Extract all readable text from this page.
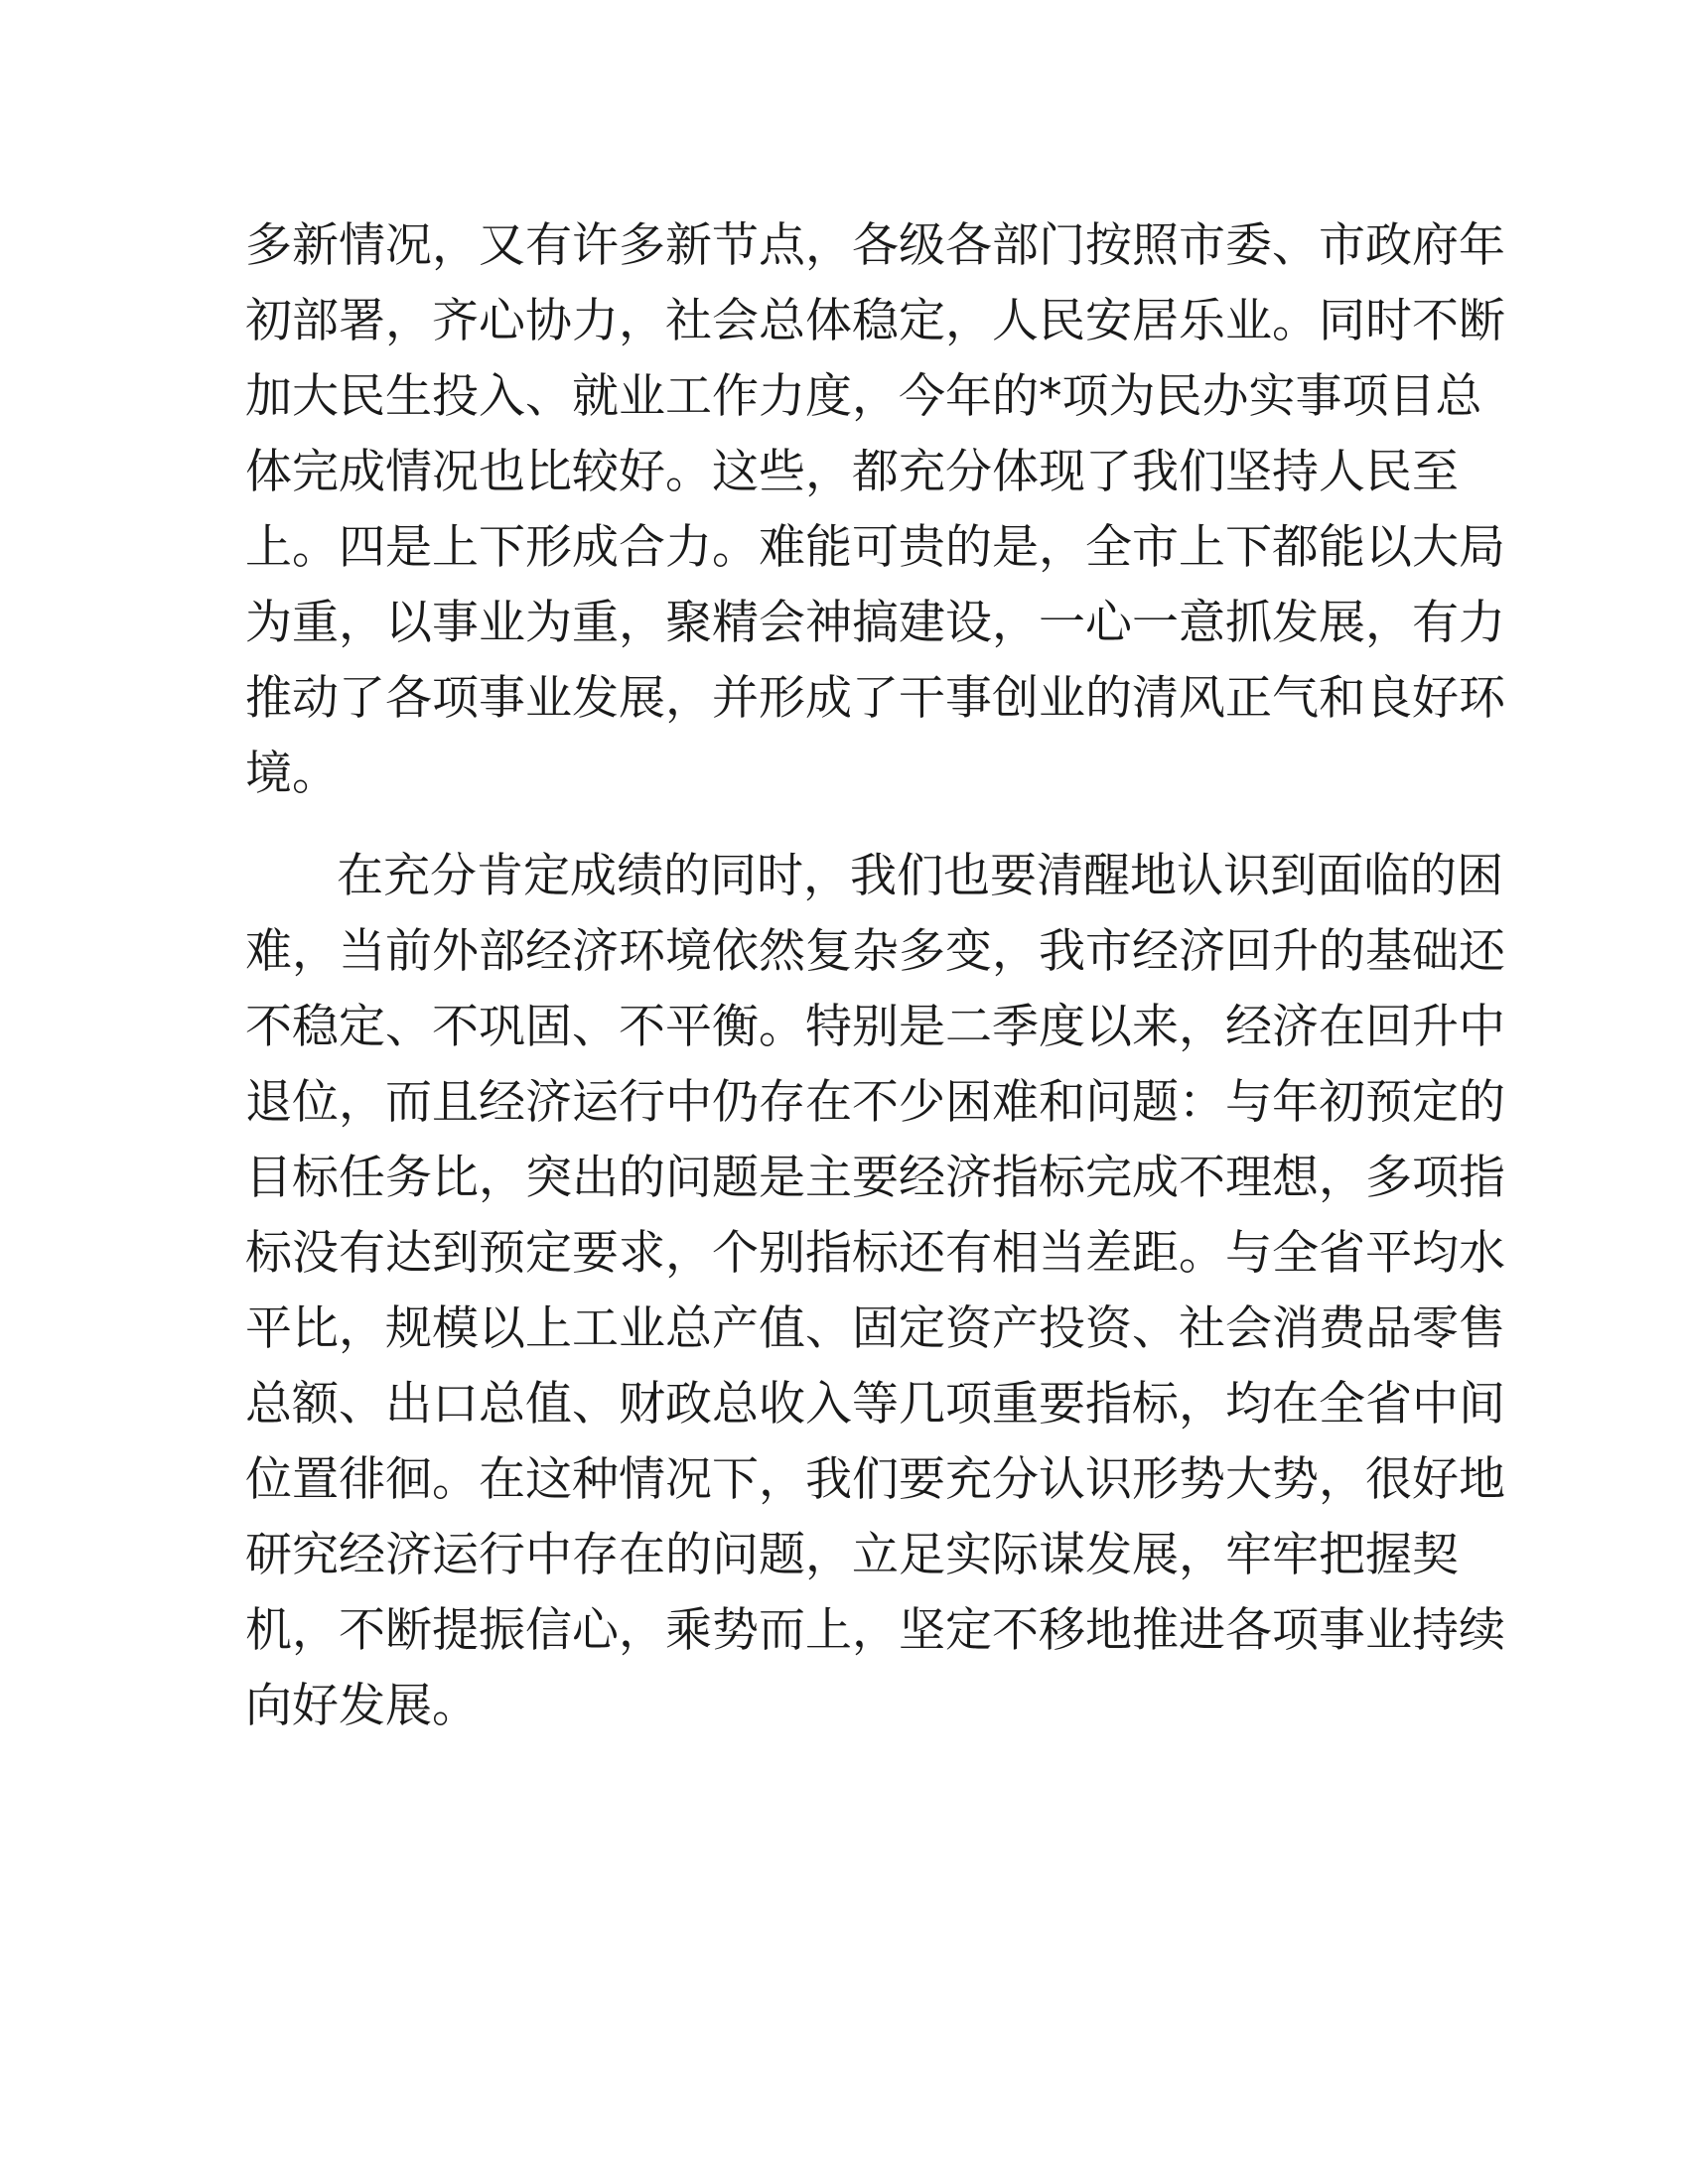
多新情况，又有许多新节点，各级各部门按照市委、市政府年
初部署，齐心协力，社会总体稳定，人民安居乐业。同时不断
加大民生投入、就业工作力度，今年的*项为民办实事项目总
体完成情况也比较好。这些，都充分体现了我们坚持人民至
上。四是上下形成合力。难能可贵的是，全市上下都能以大局
为重，以事业为重，聚精会神搞建设，一心一意抓发展，有力
推动了各项事业发展，并形成了干事创业的清风正气和良好环
境。
在充分肯定成绩的同时，我们也要清醒地认识到面临的困
难，当前外部经济环境依然复杂多变，我市经济回升的基础还
不稳定、不巩固、不平衡。特别是二季度以来，经济在回升中
退位，而且经济运行中仍存在不少困难和问题：与年初预定的
目标任务比，突出的问题是主要经济指标完成不理想，多项指
标没有达到预定要求，个别指标还有相当差距。与全省平均水
平比，规模以上工业总产值、固定资产投资、社会消费品零售
总额、出口总值、财政总收入等几项重要指标，均在全省中间
位置徘徊。在这种情况下，我们要充分认识形势大势，很好地
研究经济运行中存在的问题，立足实际谋发展，牢牢把握契
机，不断提振信心，乘势而上，坚定不移地推进各项事业持续
向好发展。
